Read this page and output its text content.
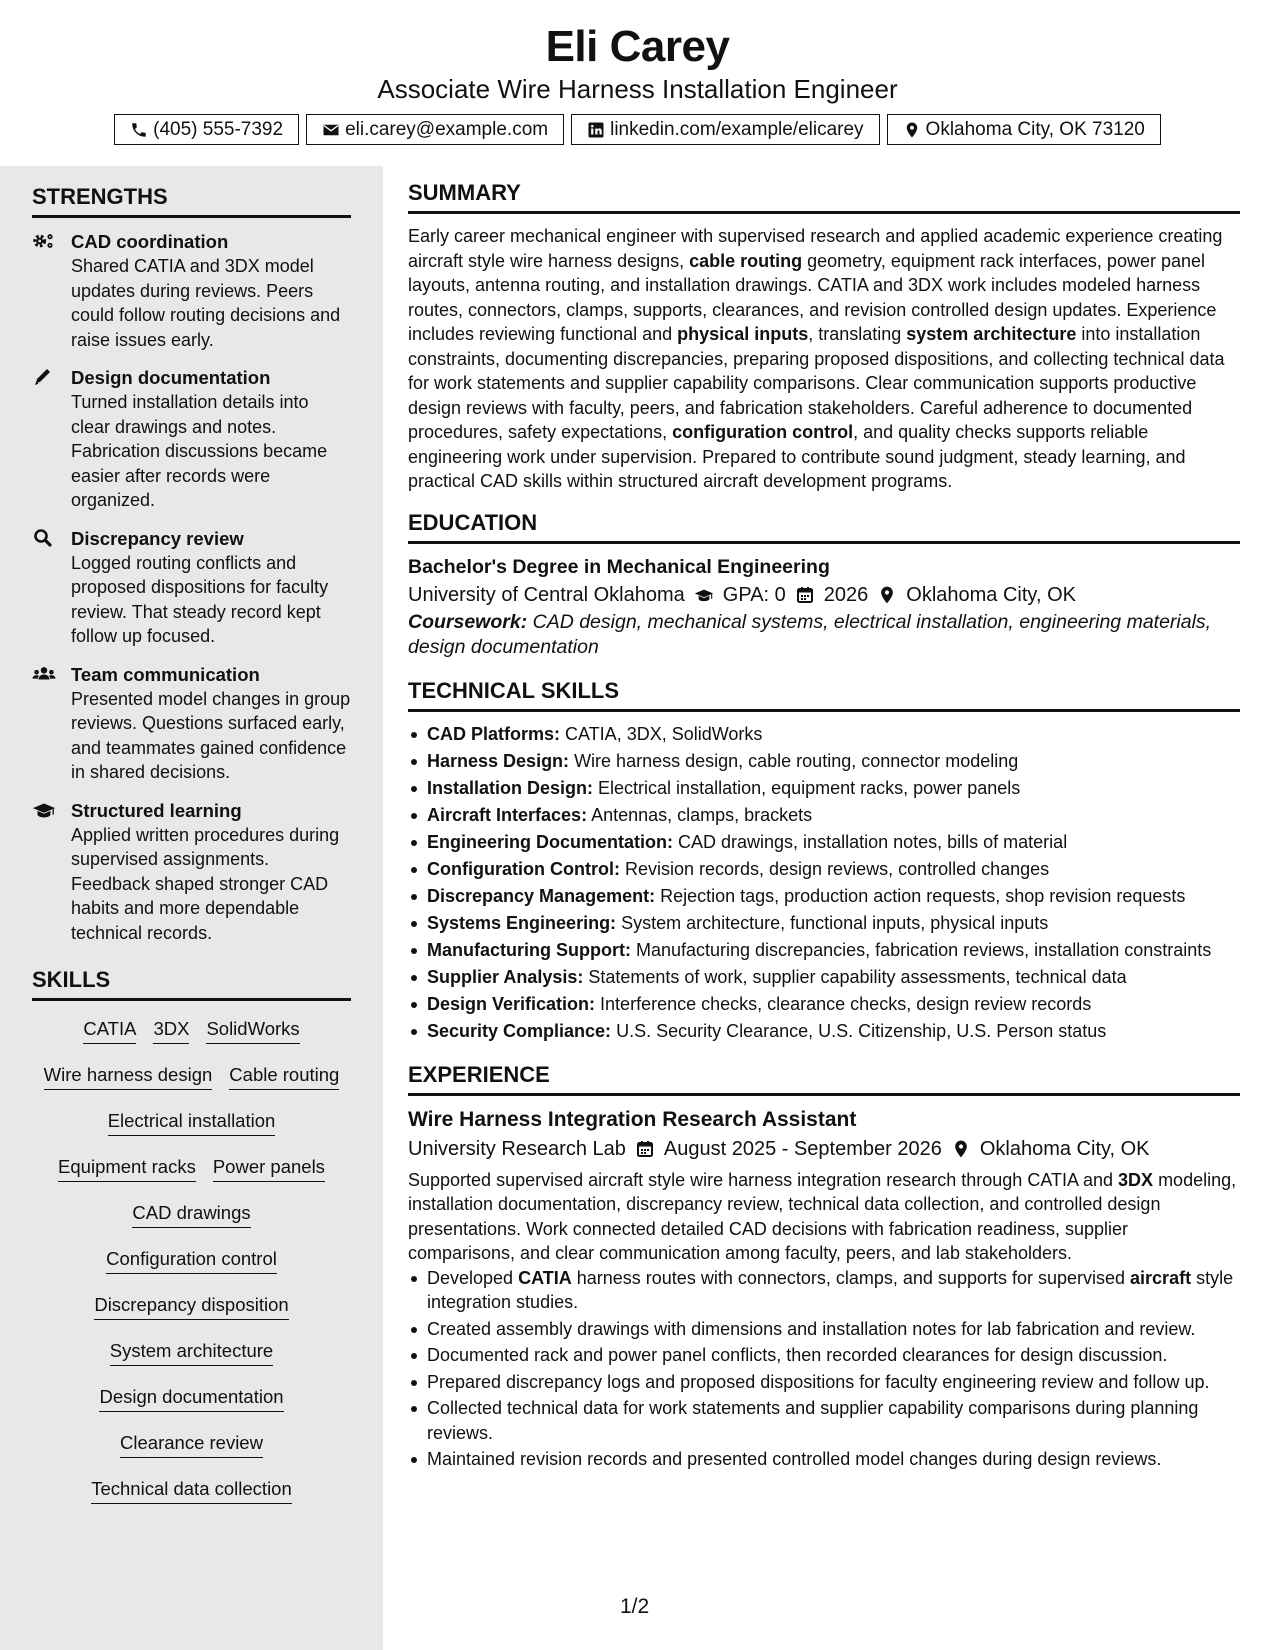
Eli Carey
Associate Wire Harness Installation Engineer
(405) 555-7392	eli.carey@example.com	linkedin.com/example/elicarey	Oklahoma City, OK 73120
STRENGTHS
CAD coordination

Shared CATIA and 3DX model updates during reviews. Peers could follow routing decisions and raise issues early.

Design documentation

Turned installation details into clear drawings and notes. Fabrication discussions became easier after records were organized.

Discrepancy review

Logged routing conflicts and proposed dispositions for faculty review. That steady record kept follow up focused.

Team communication

Presented model changes in group reviews. Questions surfaced early, and teammates gained confidence in shared decisions.

Structured learning

Applied written procedures during supervised assignments. Feedback shaped stronger CAD habits and more dependable technical records.

SKILLS
CATIA 3DX SolidWorks
Wire harness design Cable routing
Electrical installation
Equipment racks Power panels
CAD drawings
Configuration control
Discrepancy disposition
System architecture
Design documentation
Clearance review
Technical data collection
SUMMARY

Early career mechanical engineer with supervised research and applied academic experience creating aircraft style wire harness designs, cable routing geometry, equipment rack interfaces, power panel layouts, antenna routing, and installation drawings. CATIA and 3DX work includes modeled harness routes, connectors, clamps, supports, clearances, and revision controlled design updates. Experience includes reviewing functional and physical inputs, translating system architecture into installation constraints, documenting discrepancies, preparing proposed dispositions, and collecting technical data for work statements and supplier capability comparisons. Clear communication supports productive design reviews with faculty, peers, and fabrication stakeholders. Careful adherence to documented procedures, safety expectations, configuration control, and quality checks supports reliable engineering work under supervision. Prepared to contribute sound judgment, steady learning, and practical CAD skills within structured aircraft development programs.

EDUCATION
Bachelor's Degree in Mechanical Engineering
University of Central Oklahoma GPA: 0 2026 Oklahoma City, OK

Coursework: CAD design, mechanical systems, electrical installation, engineering materials, design documentation

TECHNICAL SKILLS
CAD Platforms: CATIA, 3DX, SolidWorks
Harness Design: Wire harness design, cable routing, connector modeling
Installation Design: Electrical installation, equipment racks, power panels
Aircraft Interfaces: Antennas, clamps, brackets
Engineering Documentation: CAD drawings, installation notes, bills of material
Configuration Control: Revision records, design reviews, controlled changes
Discrepancy Management: Rejection tags, production action requests, shop revision requests
Systems Engineering: System architecture, functional inputs, physical inputs
Manufacturing Support: Manufacturing discrepancies, fabrication reviews, installation constraints
Supplier Analysis: Statements of work, supplier capability assessments, technical data
Design Verification: Interference checks, clearance checks, design review records
Security Compliance: U.S. Security Clearance, U.S. Citizenship, U.S. Person status
EXPERIENCE
Wire Harness Integration Research Assistant
University Research Lab August 2025 - September 2026 Oklahoma City, OK

Supported supervised aircraft style wire harness integration research through CATIA and 3DX modeling, installation documentation, discrepancy review, technical data collection, and controlled design presentations. Work connected detailed CAD decisions with fabrication readiness, supplier comparisons, and clear communication among faculty, peers, and lab stakeholders.

Developed CATIA harness routes with connectors, clamps, and supports for supervised aircraft style integration studies.
Created assembly drawings with dimensions and installation notes for lab fabrication and review.
Documented rack and power panel conflicts, then recorded clearances for design discussion.
Prepared discrepancy logs and proposed dispositions for faculty engineering review and follow up.
Collected technical data for work statements and supplier capability comparisons during planning reviews.
Maintained revision records and presented controlled model changes during design reviews.
1/2
